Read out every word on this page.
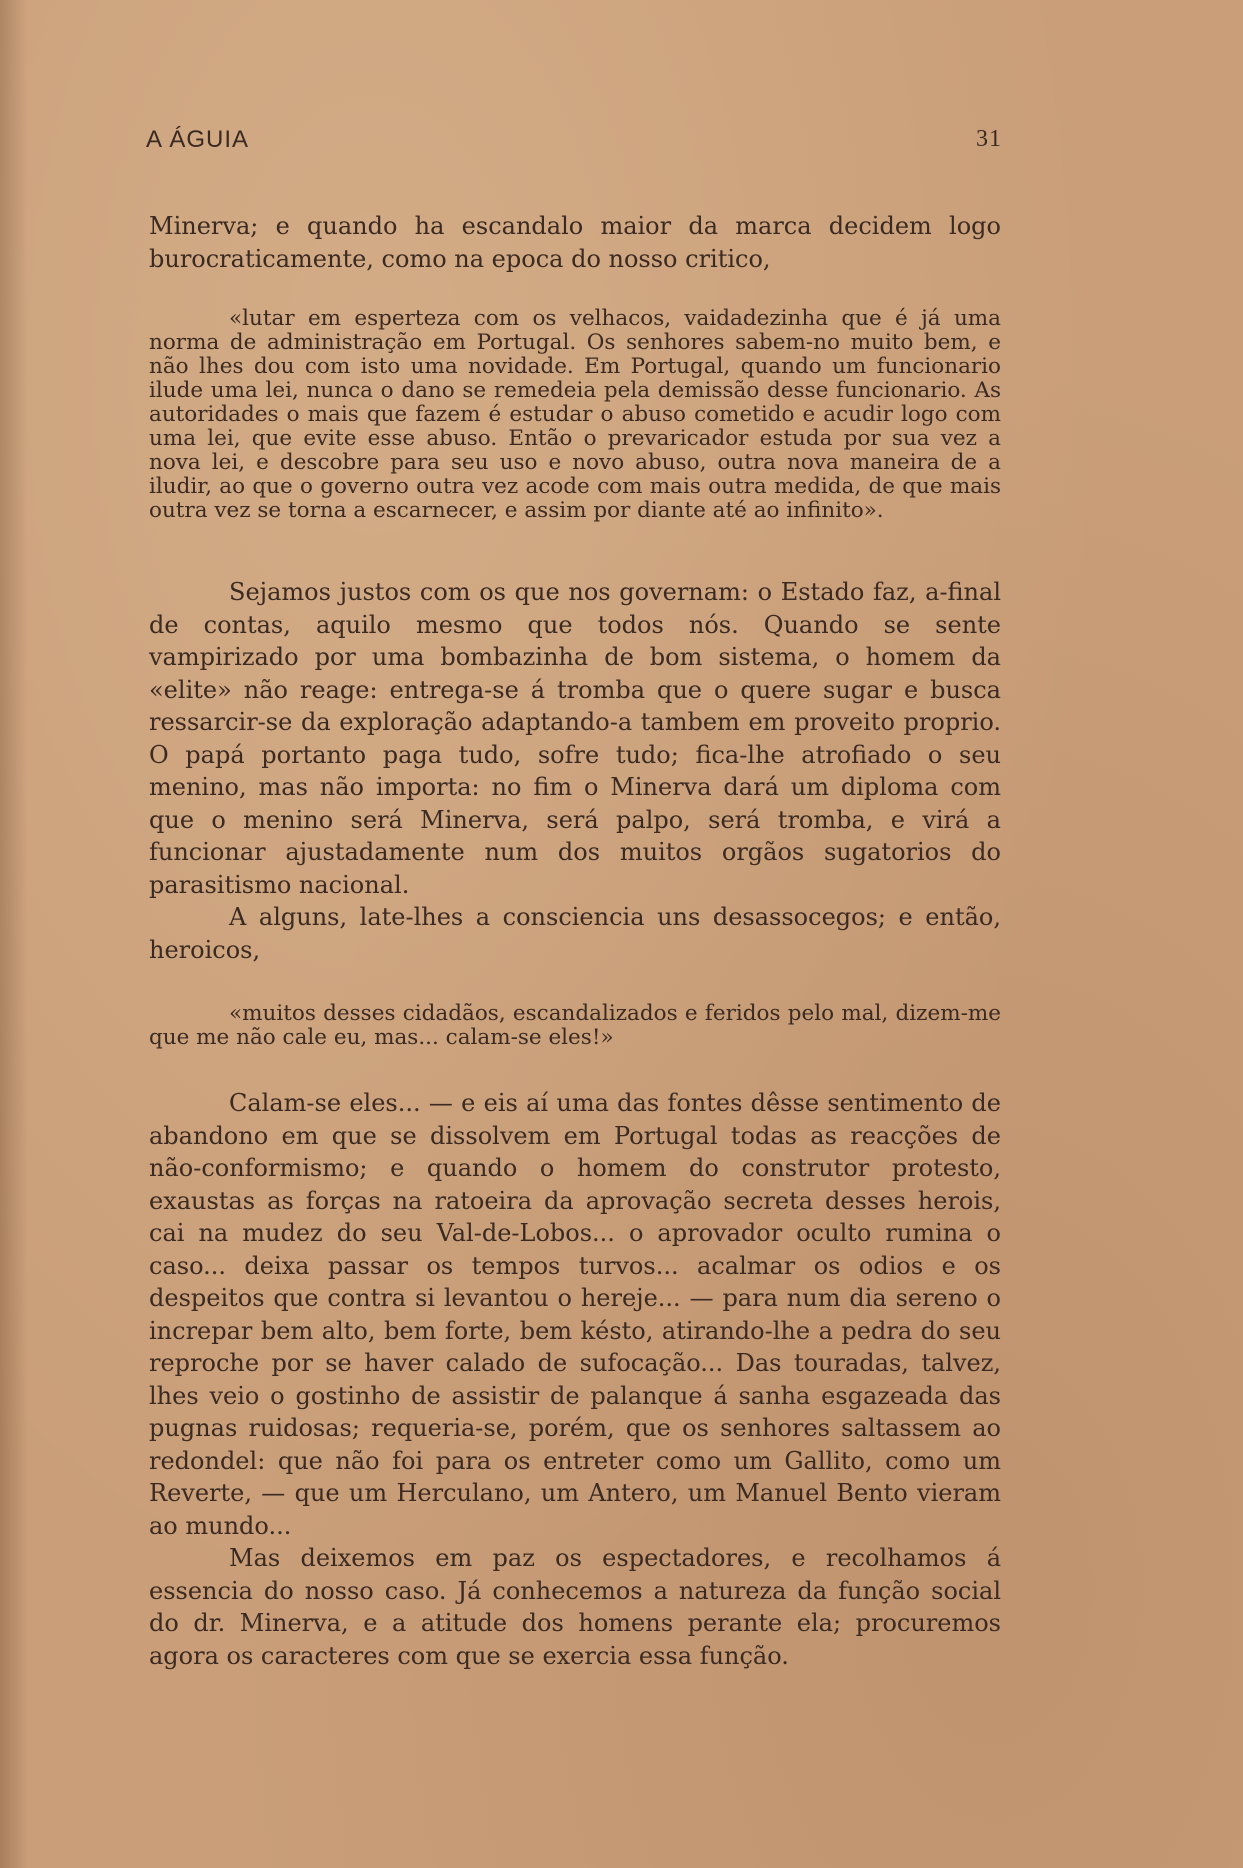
A ÁGUIA	31

Minerva; e quando ha escandalo maior da marca decidem logo burocraticamente, como na epoca do nosso critico,

«lutar em esperteza com os velhacos, vaidadezinha que é já uma norma de administração em Portugal. Os senhores sabem-no muito bem, e não lhes dou com isto uma novidade. Em Portugal, quando um funcionario ilude uma lei, nunca o dano se remedeia pela demissão desse funcionario. As autoridades o mais que fazem é estudar o abuso cometido e acudir logo com uma lei, que evite esse abuso. Então o prevaricador estuda por sua vez a nova lei, e descobre para seu uso e novo abuso, outra nova maneira de a iludir, ao que o governo outra vez acode com mais outra medida, de que mais outra vez se torna a escarnecer, e assim por diante até ao infinito».

Sejamos justos com os que nos governam: o Estado faz, a-final de contas, aquilo mesmo que todos nós. Quando se sente vampirizado por uma bombazinha de bom sistema, o homem da «elite» não reage: entrega-se á tromba que o quere sugar e busca ressarcir-se da exploração adaptando-a tambem em proveito proprio. O papá portanto paga tudo, sofre tudo; fica-lhe atrofiado o seu menino, mas não importa: no fim o Minerva dará um diploma com que o menino será Minerva, será palpo, será tromba, e virá a funcionar ajustadamente num dos muitos orgãos sugatorios do parasitismo nacional.

A alguns, late-lhes a consciencia uns desassocegos; e então, heroicos,

«muitos desses cidadãos, escandalizados e feridos pelo mal, dizem-me que me não cale eu, mas... calam-se eles!»

Calam-se eles... — e eis aí uma das fontes dêsse sentimento de abandono em que se dissolvem em Portugal todas as reacções de não-conformismo; e quando o homem do construtor protesto, exaustas as forças na ratoeira da aprovação secreta desses herois, cai na mudez do seu Val-de-Lobos... o aprovador oculto rumina o caso... deixa passar os tempos turvos... acalmar os odios e os despeitos que contra si levantou o hereje... — para num dia sereno o increpar bem alto, bem forte, bem késto, atirando-lhe a pedra do seu reproche por se haver calado de sufocação... Das touradas, talvez, lhes veio o gostinho de assistir de palanque á sanha esgazeada das pugnas ruidosas; requeria-se, porém, que os senhores saltassem ao redondel: que não foi para os entreter como um Gallito, como um Reverte, — que um Herculano, um Antero, um Manuel Bento vieram ao mundo...

Mas deixemos em paz os espectadores, e recolhamos á essencia do nosso caso. Já conhecemos a natureza da função social do dr. Minerva, e a atitude dos homens perante ela; procuremos agora os caracteres com que se exercia essa função.
